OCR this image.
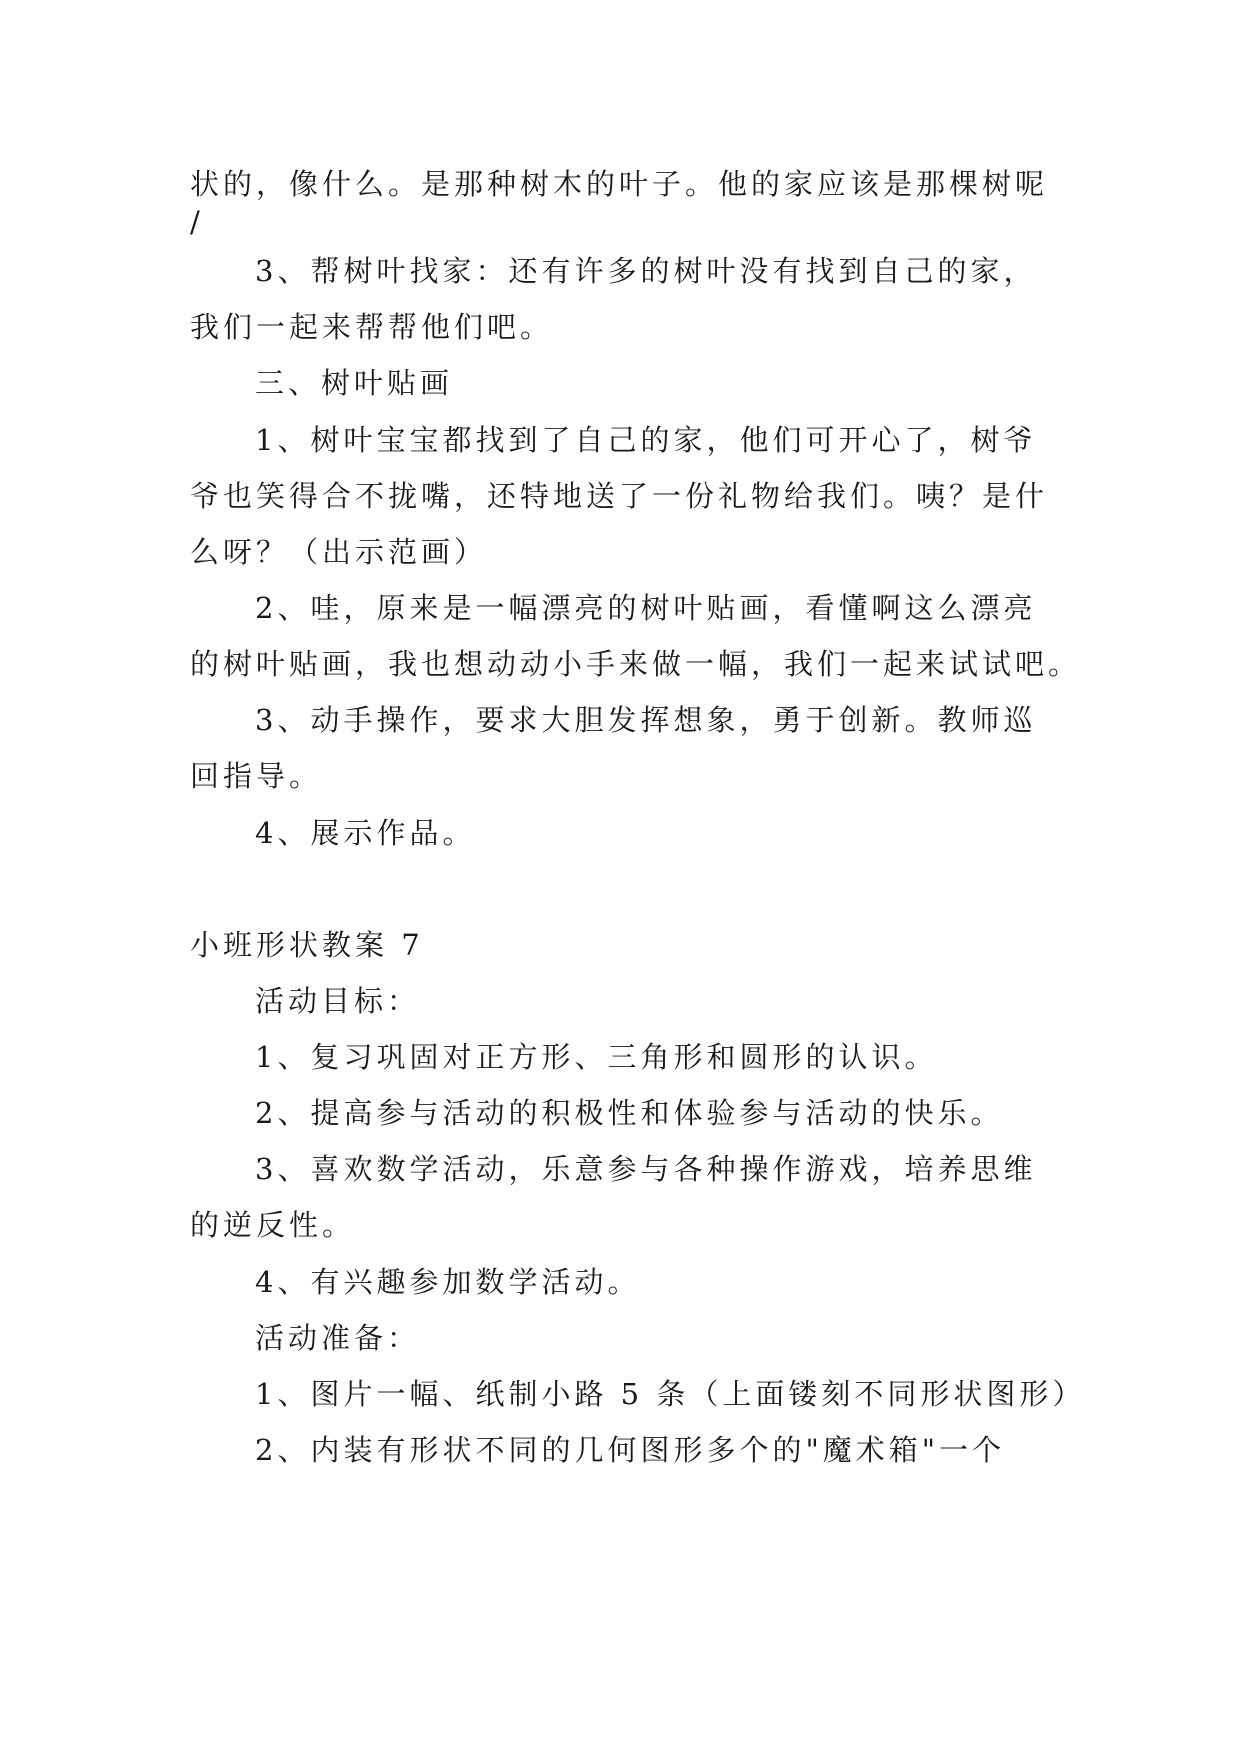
状的，像什么。是那种树木的叶子。他的家应该是那棵树呢

/

3、帮树叶找家：还有许多的树叶没有找到自己的家，

我们一起来帮帮他们吧。

三、树叶贴画

1、树叶宝宝都找到了自己的家，他们可开心了，树爷

爷也笑得合不拢嘴，还特地送了一份礼物给我们。咦？是什

么呀？（出示范画）

2、哇，原来是一幅漂亮的树叶贴画，看懂啊这么漂亮

的树叶贴画，我也想动动小手来做一幅，我们一起来试试吧。

3、动手操作，要求大胆发挥想象，勇于创新。教师巡

回指导。

4、展示作品。

小班形状教案 7

活动目标：

1、复习巩固对正方形、三角形和圆形的认识。

2、提高参与活动的积极性和体验参与活动的快乐。

3、喜欢数学活动，乐意参与各种操作游戏，培养思维

的逆反性。

4、有兴趣参加数学活动。

活动准备：

1、图片一幅、纸制小路 5 条（上面镂刻不同形状图形）

2、内装有形状不同的几何图形多个的"魔术箱"一个
